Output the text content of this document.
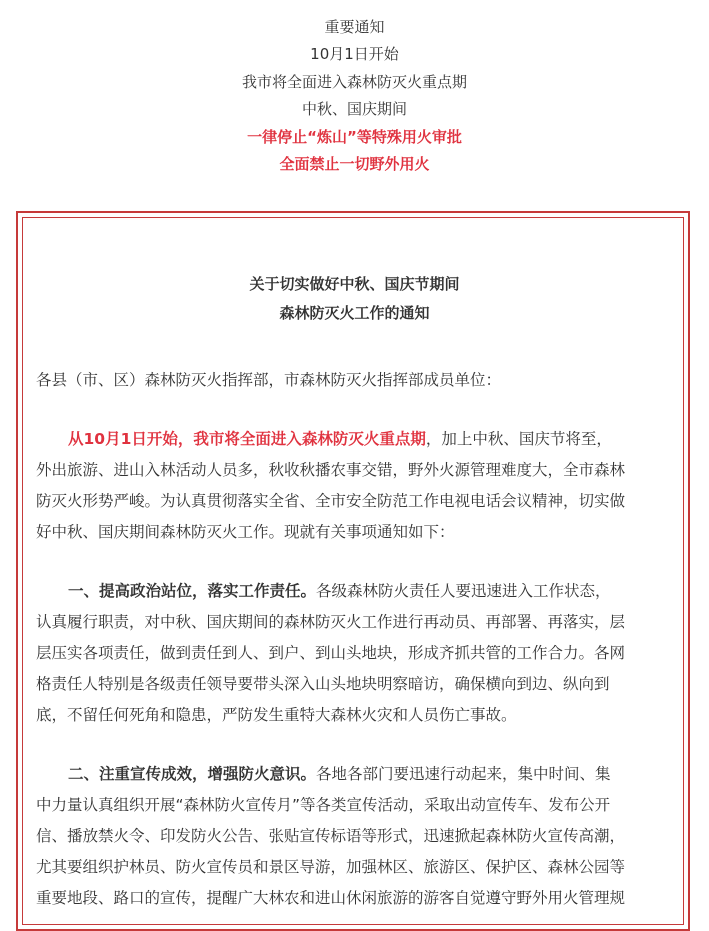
重要通知
10月1日开始
我市将全面进入森林防灭火重点期
中秋、国庆期间
一律停止“炼山”等特殊用火审批
全面禁止一切野外用火
关于切实做好中秋、国庆节期间
森林防灭火工作的通知
各县（市、区）森林防灭火指挥部，市森林防灭火指挥部成员单位：
从10月1日开始，我市将全面进入森林防灭火重点期，加上中秋、国庆节将至，
外出旅游、进山入林活动人员多，秋收秋播农事交错，野外火源管理难度大，全市森林
防灭火形势严峻。为认真贯彻落实全省、全市安全防范工作电视电话会议精神，切实做
好中秋、国庆期间森林防灭火工作。现就有关事项通知如下：
一、提高政治站位，落实工作责任。各级森林防火责任人要迅速进入工作状态，
认真履行职责，对中秋、国庆期间的森林防灭火工作进行再动员、再部署、再落实，层
层压实各项责任，做到责任到人、到户、到山头地块，形成齐抓共管的工作合力。各网
格责任人特别是各级责任领导要带头深入山头地块明察暗访，确保横向到边、纵向到
底，不留任何死角和隐患，严防发生重特大森林火灾和人员伤亡事故。
二、注重宣传成效，增强防火意识。各地各部门要迅速行动起来，集中时间、集
中力量认真组织开展“森林防火宣传月”等各类宣传活动，采取出动宣传车、发布公开
信、播放禁火令、印发防火公告、张贴宣传标语等形式，迅速掀起森林防火宣传高潮，
尤其要组织护林员、防火宣传员和景区导游，加强林区、旅游区、保护区、森林公园等
重要地段、路口的宣传，提醒广大林农和进山休闲旅游的游客自觉遵守野外用火管理规
